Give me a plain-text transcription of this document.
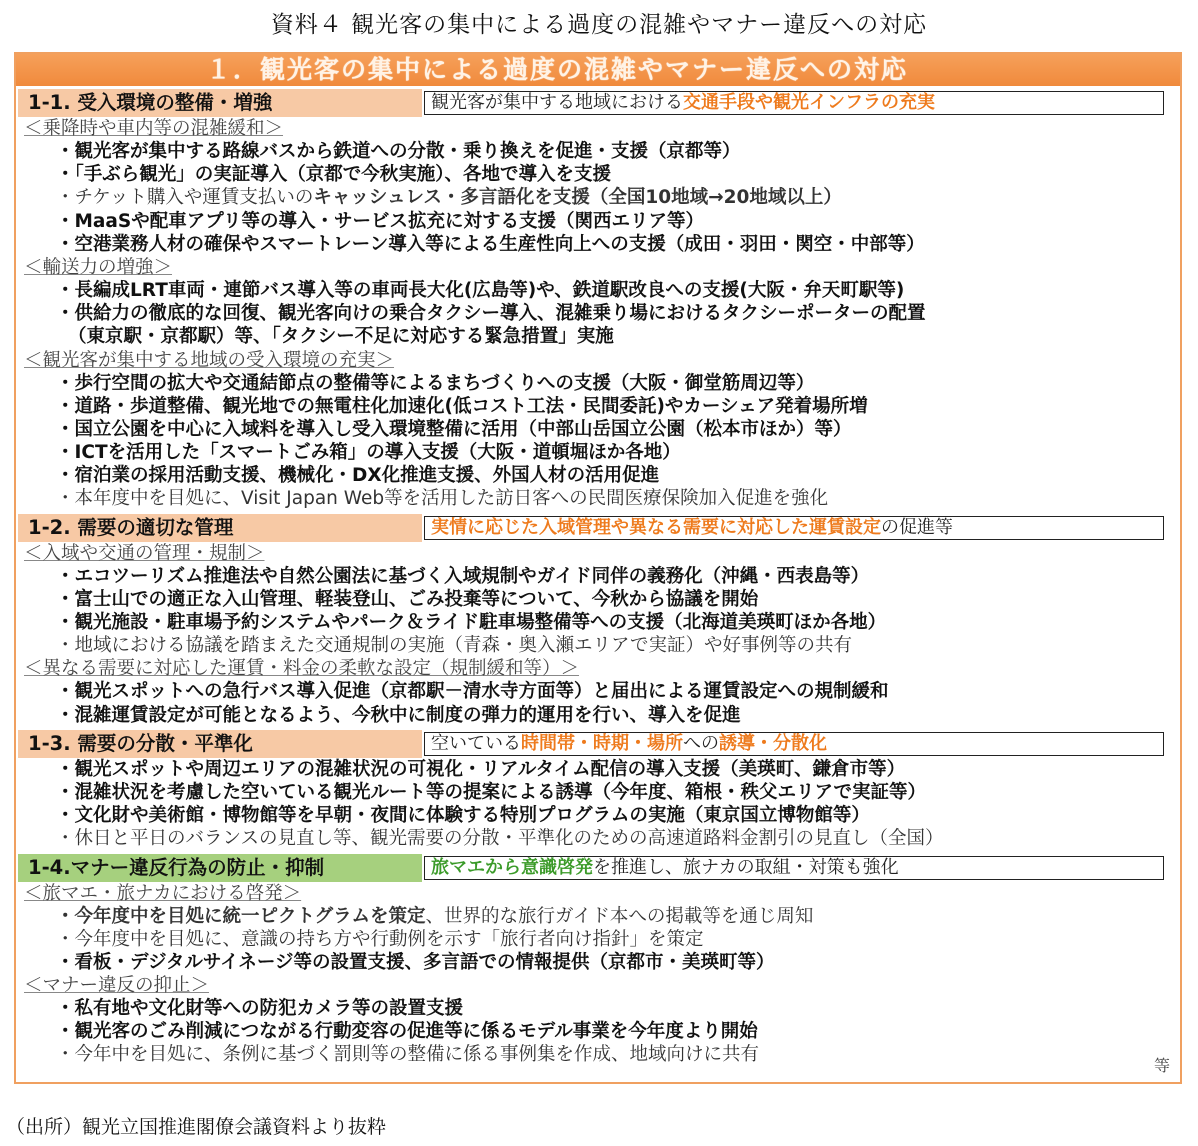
資料４ 観光客の集中による過度の混雑やマナー違反への対応
１．観光客の集中による過度の混雑やマナー違反への対応
1-1. 受入環境の整備・増強	観光客が集中する地域における交通手段や観光インフラの充実
＜乗降時や車内等の混雑緩和＞
・観光客が集中する路線バスから鉄道への分散・乗り換えを促進・支援（京都等）
・「手ぶら観光」の実証導入（京都で今秋実施）、各地で導入を支援
・チケット購入や運賃支払いのキャッシュレス・多言語化を支援（全国10地域→20地域以上）
・MaaSや配車アプリ等の導入・サービス拡充に対する支援（関西エリア等）
・空港業務人材の確保やスマートレーン導入等による生産性向上への支援（成田・羽田・関空・中部等）
＜輸送力の増強＞
・長編成LRT車両・連節バス導入等の車両長大化(広島等)や、鉄道駅改良への支援(大阪・弁天町駅等)
・供給力の徹底的な回復、観光客向けの乗合タクシー導入、混雑乗り場におけるタクシーポーターの配置
（東京駅・京都駅）等、「タクシー不足に対応する緊急措置」実施
＜観光客が集中する地域の受入環境の充実＞
・歩行空間の拡大や交通結節点の整備等によるまちづくりへの支援（大阪・御堂筋周辺等）
・道路・歩道整備、観光地での無電柱化加速化(低コスト工法・民間委託)やカーシェア発着場所増
・国立公園を中心に入域料を導入し受入環境整備に活用（中部山岳国立公園（松本市ほか）等）
・ICTを活用した「スマートごみ箱」の導入支援（大阪・道頓堀ほか各地）
・宿泊業の採用活動支援、機械化・DX化推進支援、外国人材の活用促進
・本年度中を目処に、Visit Japan Web等を活用した訪日客への民間医療保険加入促進を強化
1-2. 需要の適切な管理	実情に応じた入域管理や異なる需要に対応した運賃設定の促進等
＜入域や交通の管理・規制＞
・エコツーリズム推進法や自然公園法に基づく入域規制やガイド同伴の義務化（沖縄・西表島等）
・富士山での適正な入山管理、軽装登山、ごみ投棄等について、今秋から協議を開始
・観光施設・駐車場予約システムやパーク＆ライド駐車場整備等への支援（北海道美瑛町ほか各地）
・地域における協議を踏まえた交通規制の実施（青森・奥入瀬エリアで実証）や好事例等の共有
＜異なる需要に対応した運賃・料金の柔軟な設定（規制緩和等）＞
・観光スポットへの急行バス導入促進（京都駅－清水寺方面等）と届出による運賃設定への規制緩和
・混雑運賃設定が可能となるよう、今秋中に制度の弾力的運用を行い、導入を促進
1-3. 需要の分散・平準化	空いている時間帯・時期・場所への誘導・分散化
・観光スポットや周辺エリアの混雑状況の可視化・リアルタイム配信の導入支援（美瑛町、鎌倉市等）
・混雑状況を考慮した空いている観光ルート等の提案による誘導（今年度、箱根・秩父エリアで実証等）
・文化財や美術館・博物館等を早朝・夜間に体験する特別プログラムの実施（東京国立博物館等）
・休日と平日のバランスの見直し等、観光需要の分散・平準化のための高速道路料金割引の見直し（全国）
1-4.マナー違反行為の防止・抑制	旅マエから意識啓発を推進し、旅ナカの取組・対策も強化
＜旅マエ・旅ナカにおける啓発＞
・今年度中を目処に統一ピクトグラムを策定、世界的な旅行ガイド本への掲載等を通じ周知
・今年度中を目処に、意識の持ち方や行動例を示す「旅行者向け指針」を策定
・看板・デジタルサイネージ等の設置支援、多言語での情報提供（京都市・美瑛町等）
＜マナー違反の抑止＞
・私有地や文化財等への防犯カメラ等の設置支援
・観光客のごみ削減につながる行動変容の促進等に係るモデル事業を今年度より開始
・今年中を目処に、条例に基づく罰則等の整備に係る事例集を作成、地域向けに共有
等
（出所）観光立国推進閣僚会議資料より抜粋
